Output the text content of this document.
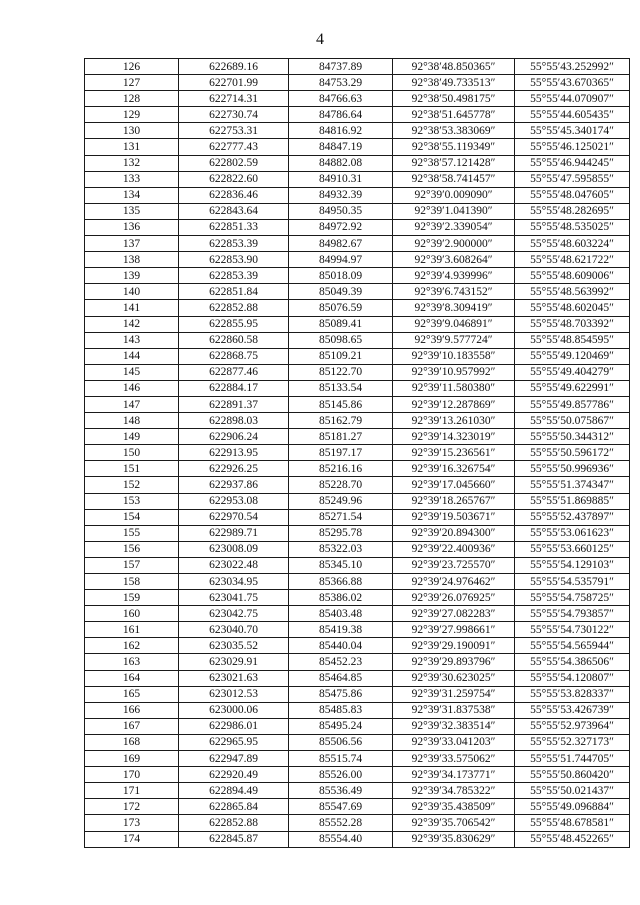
4
126	622689.16	84737.89	92°38′48.850365″	55°55′43.252992″
127	622701.99	84753.29	92°38′49.733513″	55°55′43.670365″
128	622714.31	84766.63	92°38′50.498175″	55°55′44.070907″
129	622730.74	84786.64	92°38′51.645778″	55°55′44.605435″
130	622753.31	84816.92	92°38′53.383069″	55°55′45.340174″
131	622777.43	84847.19	92°38′55.119349″	55°55′46.125021″
132	622802.59	84882.08	92°38′57.121428″	55°55′46.944245″
133	622822.60	84910.31	92°38′58.741457″	55°55′47.595855″
134	622836.46	84932.39	92°39′0.009090″	55°55′48.047605″
135	622843.64	84950.35	92°39′1.041390″	55°55′48.282695″
136	622851.33	84972.92	92°39′2.339054″	55°55′48.535025″
137	622853.39	84982.67	92°39′2.900000″	55°55′48.603224″
138	622853.90	84994.97	92°39′3.608264″	55°55′48.621722″
139	622853.39	85018.09	92°39′4.939996″	55°55′48.609006″
140	622851.84	85049.39	92°39′6.743152″	55°55′48.563992″
141	622852.88	85076.59	92°39′8.309419″	55°55′48.602045″
142	622855.95	85089.41	92°39′9.046891″	55°55′48.703392″
143	622860.58	85098.65	92°39′9.577724″	55°55′48.854595″
144	622868.75	85109.21	92°39′10.183558″	55°55′49.120469″
145	622877.46	85122.70	92°39′10.957992″	55°55′49.404279″
146	622884.17	85133.54	92°39′11.580380″	55°55′49.622991″
147	622891.37	85145.86	92°39′12.287869″	55°55′49.857786″
148	622898.03	85162.79	92°39′13.261030″	55°55′50.075867″
149	622906.24	85181.27	92°39′14.323019″	55°55′50.344312″
150	622913.95	85197.17	92°39′15.236561″	55°55′50.596172″
151	622926.25	85216.16	92°39′16.326754″	55°55′50.996936″
152	622937.86	85228.70	92°39′17.045660″	55°55′51.374347″
153	622953.08	85249.96	92°39′18.265767″	55°55′51.869885″
154	622970.54	85271.54	92°39′19.503671″	55°55′52.437897″
155	622989.71	85295.78	92°39′20.894300″	55°55′53.061623″
156	623008.09	85322.03	92°39′22.400936″	55°55′53.660125″
157	623022.48	85345.10	92°39′23.725570″	55°55′54.129103″
158	623034.95	85366.88	92°39′24.976462″	55°55′54.535791″
159	623041.75	85386.02	92°39′26.076925″	55°55′54.758725″
160	623042.75	85403.48	92°39′27.082283″	55°55′54.793857″
161	623040.70	85419.38	92°39′27.998661″	55°55′54.730122″
162	623035.52	85440.04	92°39′29.190091″	55°55′54.565944″
163	623029.91	85452.23	92°39′29.893796″	55°55′54.386506″
164	623021.63	85464.85	92°39′30.623025″	55°55′54.120807″
165	623012.53	85475.86	92°39′31.259754″	55°55′53.828337″
166	623000.06	85485.83	92°39′31.837538″	55°55′53.426739″
167	622986.01	85495.24	92°39′32.383514″	55°55′52.973964″
168	622965.95	85506.56	92°39′33.041203″	55°55′52.327173″
169	622947.89	85515.74	92°39′33.575062″	55°55′51.744705″
170	622920.49	85526.00	92°39′34.173771″	55°55′50.860420″
171	622894.49	85536.49	92°39′34.785322″	55°55′50.021437″
172	622865.84	85547.69	92°39′35.438509″	55°55′49.096884″
173	622852.88	85552.28	92°39′35.706542″	55°55′48.678581″
174	622845.87	85554.40	92°39′35.830629″	55°55′48.452265″
